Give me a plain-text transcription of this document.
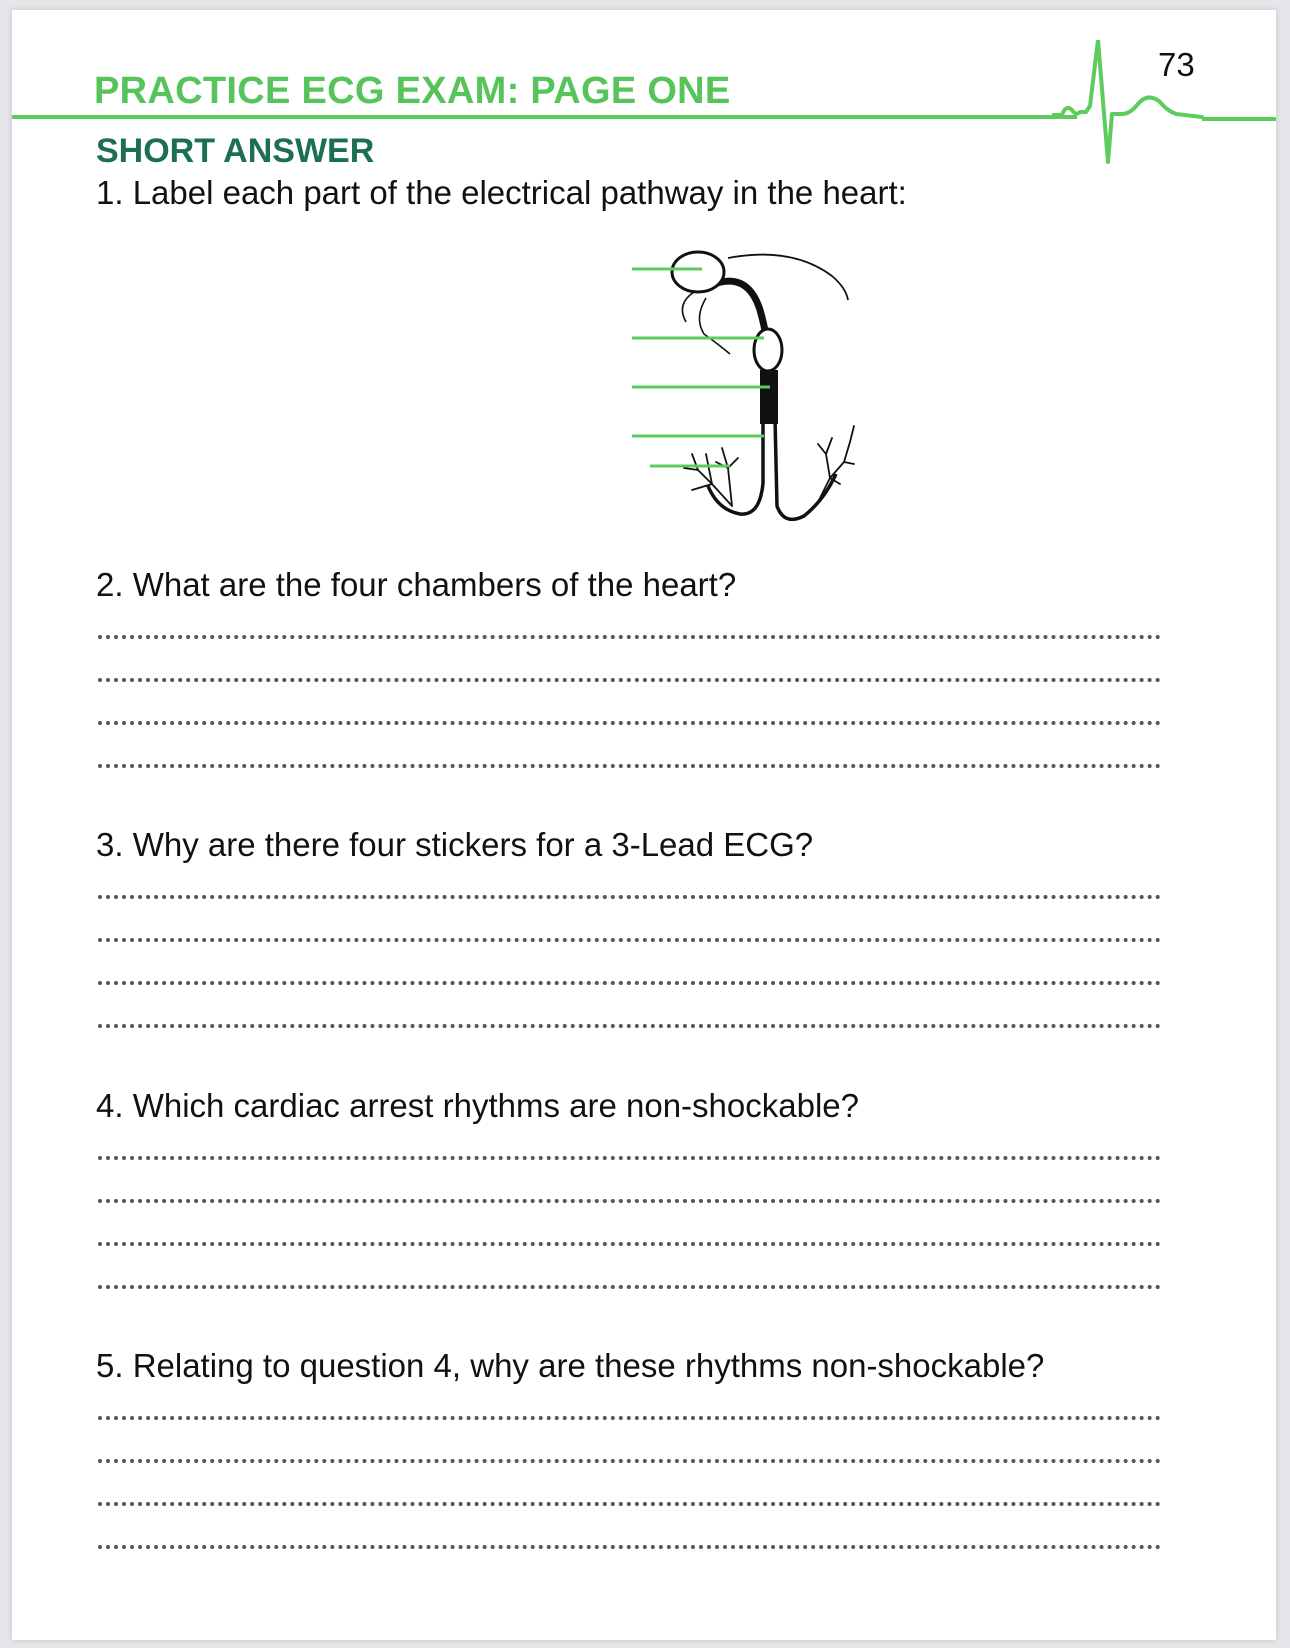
73
PRACTICE ECG EXAM: PAGE ONE
SHORT ANSWER
1. Label each part of the electrical pathway in the heart:
2. What are the four chambers of the heart?
3. Why are there four stickers for a 3-Lead ECG?
4. Which cardiac arrest rhythms are non-shockable?
5. Relating to question 4, why are these rhythms non-shockable?
